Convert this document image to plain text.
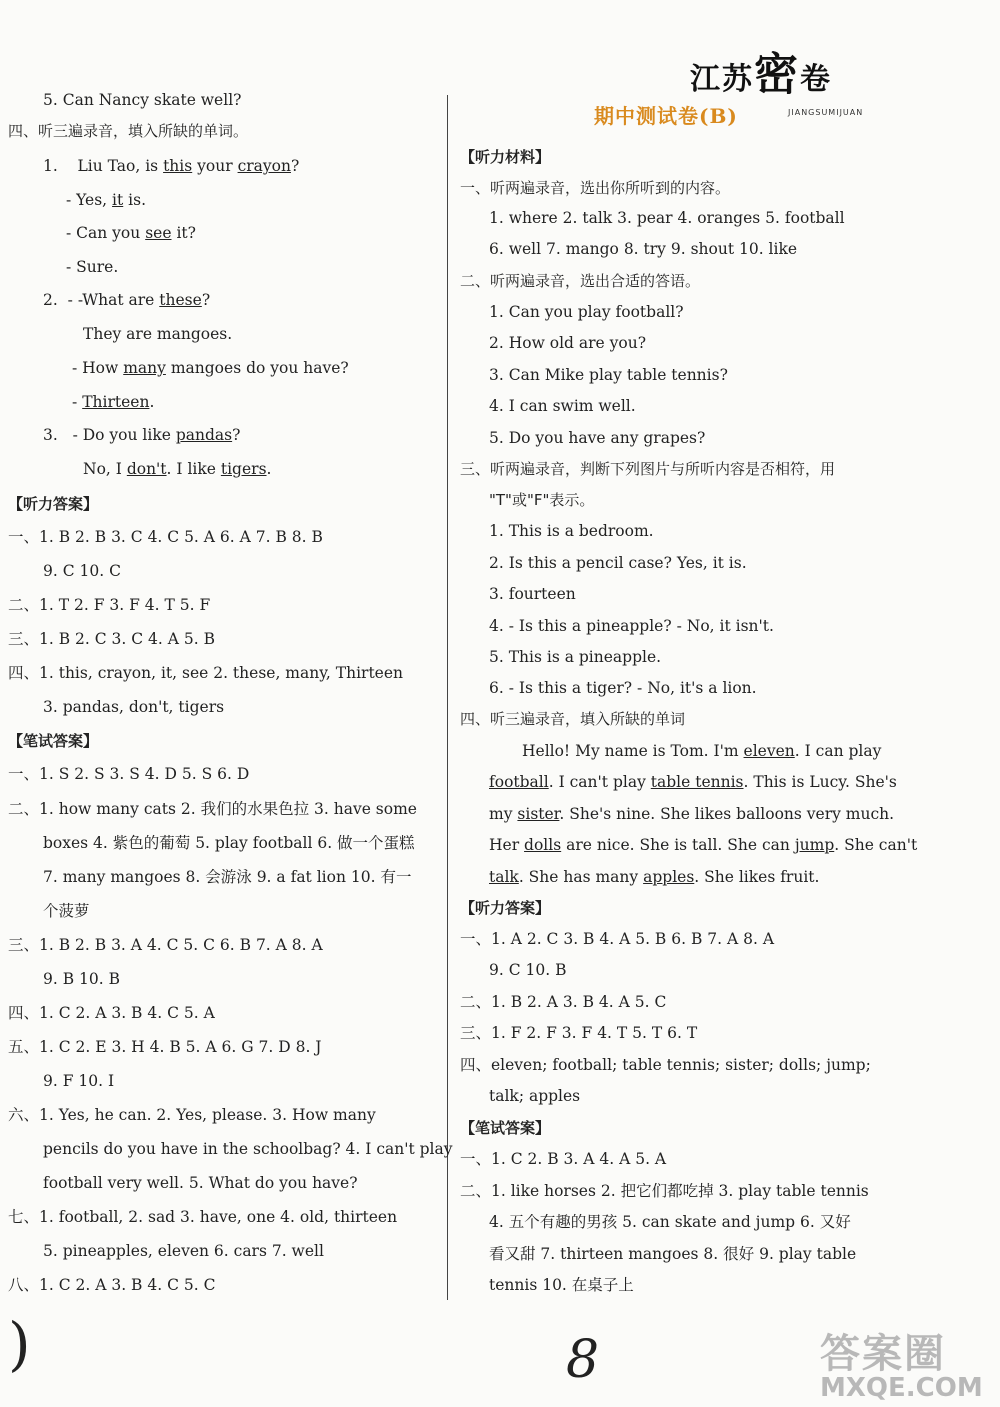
江苏密卷
JIANGSUMIJUAN
5. Can Nancy skate well?
四、听三遍录音，填入所缺的单词。
1.    Liu Tao, is this your crayon?
- Yes, it is.
- Can you see it?
- Sure.
2.  - -What are these?
They are mangoes.
- How many mangoes do you have?
- Thirteen.
3.   - Do you like pandas?
No, I don't. I like tigers.
【听力答案】
一、1. B 2. B 3. C 4. C 5. A 6. A 7. B 8. B
9. C 10. C
二、1. T 2. F 3. F 4. T 5. F
三、1. B 2. C 3. C 4. A 5. B
四、1. this, crayon, it, see 2. these, many, Thirteen
3. pandas, don't, tigers
【笔试答案】
一、1. S 2. S 3. S 4. D 5. S 6. D
二、1. how many cats 2. 我们的水果色拉 3. have some
boxes 4. 紫色的葡萄 5. play football 6. 做一个蛋糕
7. many mangoes 8. 会游泳 9. a fat lion 10. 有一
个菠萝
三、1. B 2. B 3. A 4. C 5. C 6. B 7. A 8. A
9. B 10. B
四、1. C 2. A 3. B 4. C 5. A
五、1. C 2. E 3. H 4. B 5. A 6. G 7. D 8. J
9. F 10. I
六、1. Yes, he can. 2. Yes, please. 3. How many
pencils do you have in the schoolbag? 4. I can't play
football very well. 5. What do you have?
七、1. football, 2. sad 3. have, one 4. old, thirteen
5. pineapples, eleven 6. cars 7. well
八、1. C 2. A 3. B 4. C 5. C
期中测试卷(B)
【听力材料】
一、听两遍录音，选出你所听到的内容。
1. where 2. talk 3. pear 4. oranges 5. football
6. well 7. mango 8. try 9. shout 10. like
二、听两遍录音，选出合适的答语。
1. Can you play football?
2. How old are you?
3. Can Mike play table tennis?
4. I can swim well.
5. Do you have any grapes?
三、听两遍录音，判断下列图片与所听内容是否相符，用
"T"或"F"表示。
1. This is a bedroom.
2. Is this a pencil case? Yes, it is.
3. fourteen
4. - Is this a pineapple? - No, it isn't.
5. This is a pineapple.
6. - Is this a tiger? - No, it's a lion.
四、听三遍录音，填入所缺的单词
Hello! My name is Tom. I'm eleven. I can play
football. I can't play table tennis. This is Lucy. She's
my sister. She's nine. She likes balloons very much.
Her dolls are nice. She is tall. She can jump. She can't
talk. She has many apples. She likes fruit.
【听力答案】
一、1. A 2. C 3. B 4. A 5. B 6. B 7. A 8. A
9. C 10. B
二、1. B 2. A 3. B 4. A 5. C
三、1. F 2. F 3. F 4. T 5. T 6. T
四、eleven; football; table tennis; sister; dolls; jump;
talk; apples
【笔试答案】
一、1. C 2. B 3. A 4. A 5. A
二、1. like horses 2. 把它们都吃掉 3. play table tennis
4. 五个有趣的男孩 5. can skate and jump 6. 又好
看又甜 7. thirteen mangoes 8. 很好 9. play table
tennis 10. 在桌子上
)	8	答案圈
MXQE.COM
